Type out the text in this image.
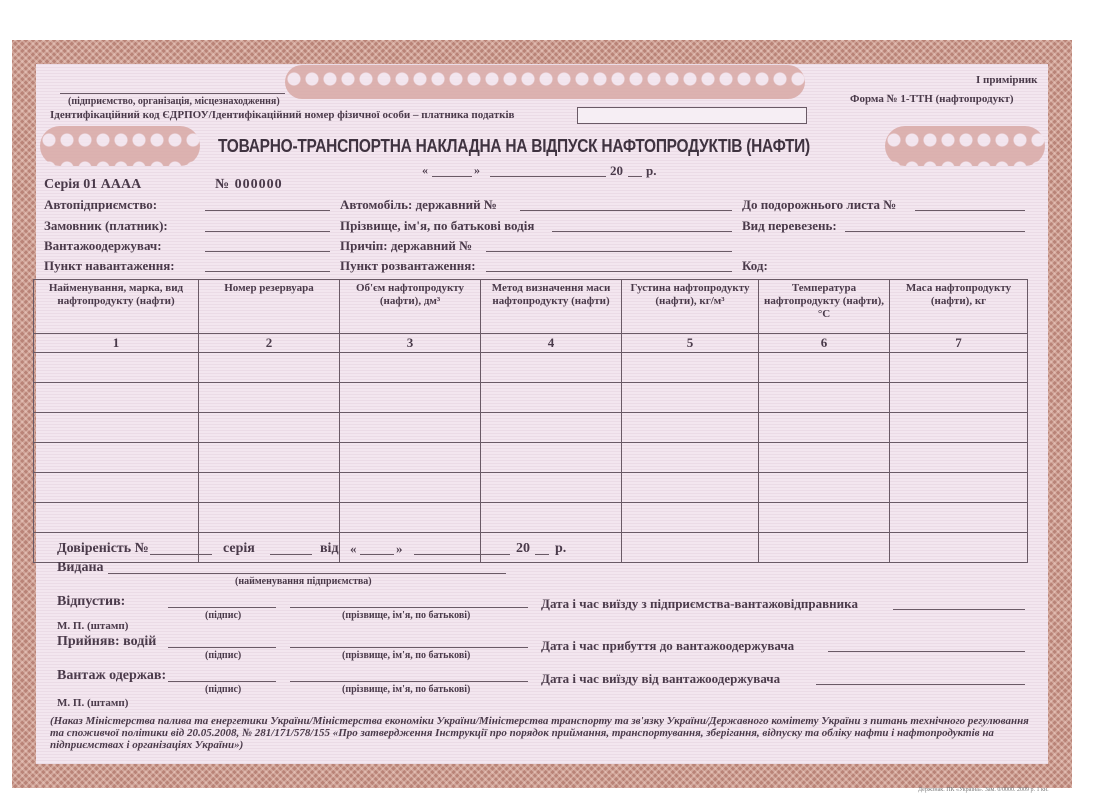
I примірник
Форма № 1-ТТН (нафтопродукт)
(підприємство, організація, місцезнаходження)
Ідентифікаційний код ЄДРПОУ/Ідентифікаційний номер фізичної особи – платника податків
ТОВАРНО-ТРАНСПОРТНА НАКЛАДНА НА ВІДПУСК НАФТОПРОДУКТІВ (НАФТИ)
«	»	20 р.
Серія 01 АААА	№ 000000
Автопідприємство:
Замовник (платник):
Вантажоодержувач:
Пункт навантаження:
Автомобіль: державний №
Прізвище, ім'я, по батькові водія
Причіп: державний №
Пункт розвантаження:
До подорожнього листа №
Вид перевезень:
Код:
Найменування, марка, вид нафтопродукту (нафти)	Номер резервуара	Об'єм нафтопродукту (нафти), дм³	Метод визначення маси нафтопродукту (нафти)	Густина нафтопродукту (нафти), кг/м³	Температура нафтопродукту (нафти), °С	Маса нафтопродукту (нафти), кг
1	2	3	4	5	6	7

Довіреність №	серія	від «	»	20 р.
Видана
(найменування підприємства)
Відпустив:
(підпис)	(прізвище, ім'я, по батькові)
М. П. (штамп)
Дата і час виїзду з підприємства-вантажовідправника
Прийняв: водій
(підпис)	(прізвище, ім'я, по батькові)
Дата і час прибуття до вантажоодержувача
Вантаж одержав:
(підпис)	(прізвище, ім'я, по батькові)
М. П. (штамп)
Дата і час виїзду від вантажоодержувача
(Наказ Міністерства палива та енергетики України/Міністерства економіки України/Міністерства транспорту та зв'язку України/Державного комітету України з питань технічного регулювання та споживчої політики від 20.05.2008, № 281/171/578/155 «Про затвердження Інструкції про порядок приймання, транспортування, зберігання, відпуску та обліку нафти і нафтопродуктів на підприємствах і організаціях України»)
Держзнак. ПК «Україна». Зам. 0/0000. 2009 р. 1 кн.
